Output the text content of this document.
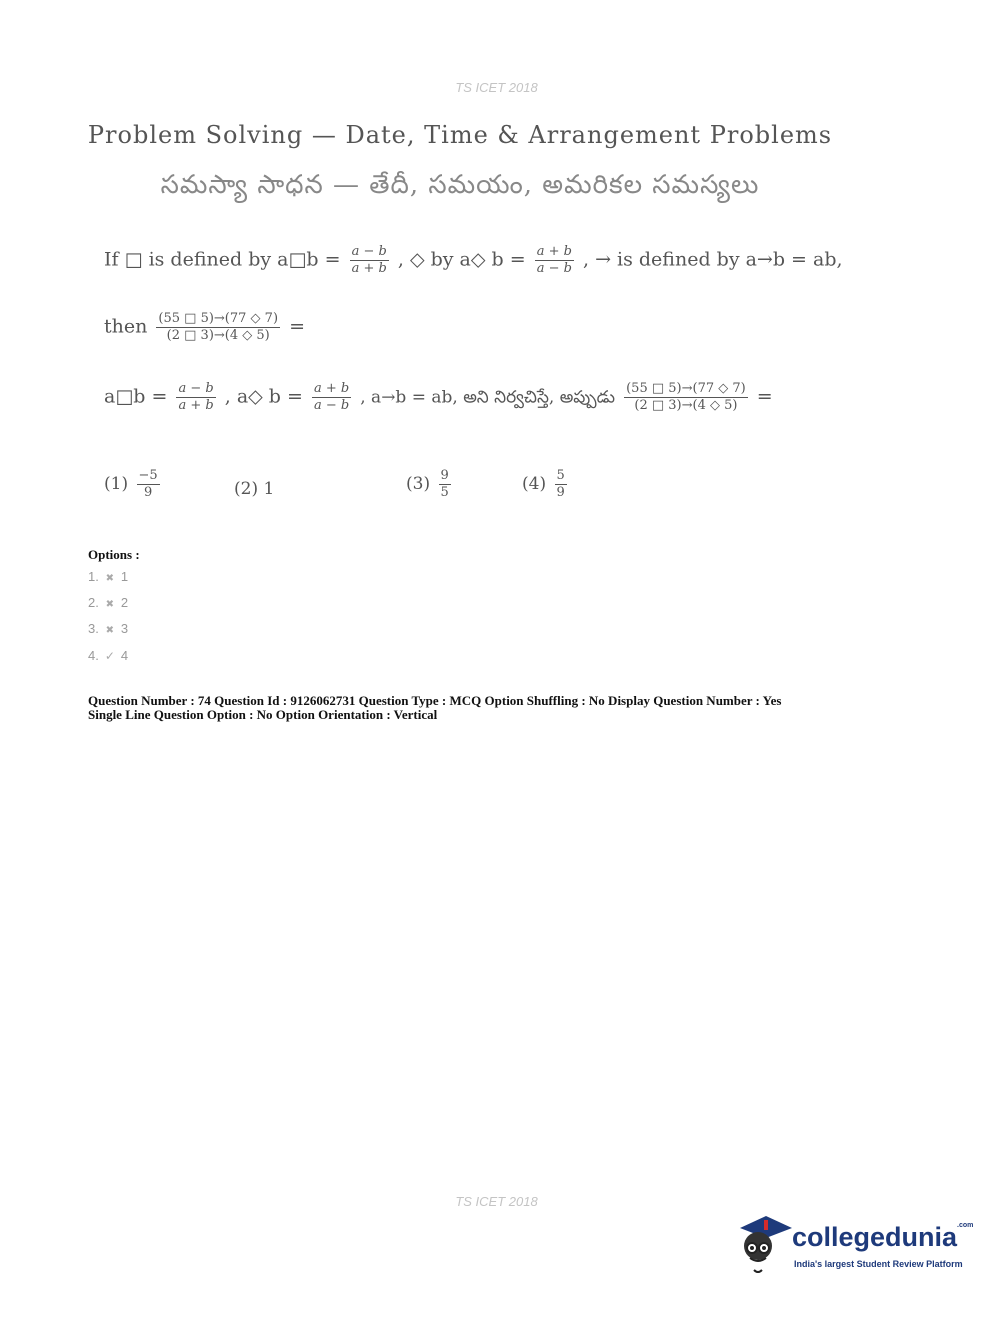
TS ICET 2018
Problem Solving — Date, Time & Arrangement Problems
సమస్యా సాధన — తేదీ, సమయం, అమరికల సమస్యలు
If □ is defined by a□b = $\frac{a - b}{a + b}$ , ◇ by a◇ $b = \frac{a + b}{a - b}$ , → is defined by a→b = ab,
then $\frac{(55 □ 5)\to(77 ◇ 7)}{(2 □ 3)\to(4 ◇ 5)}$ =
a□b = $\frac{a - b}{a + b}$ , a◇ $b = \frac{a + b}{a - b}$ , a→b = ab, అని నిర్వచిస్తే, అప్పుడు $\frac{(55 □ 5)\to(77 ◇ 7)}{(2 □ 3)\to(4 ◇ 5)}$ =
$(1) \frac{-5}{9}$	(2) 1	$(3) \frac{9}{5}$	$(4) \frac{5}{9}$
Options :
1. ✖ 1
2. ✖ 2
3. ✖ 3
4. ✓ 4
Question Number : 74 Question Id : 9126062731 Question Type : MCQ Option Shuffling : No Display Question Number : Yes
Single Line Question Option : No Option Orientation : Vertical
TS ICET 2018
collegedunia$^{.com}$
India's largest Student Review Platform
